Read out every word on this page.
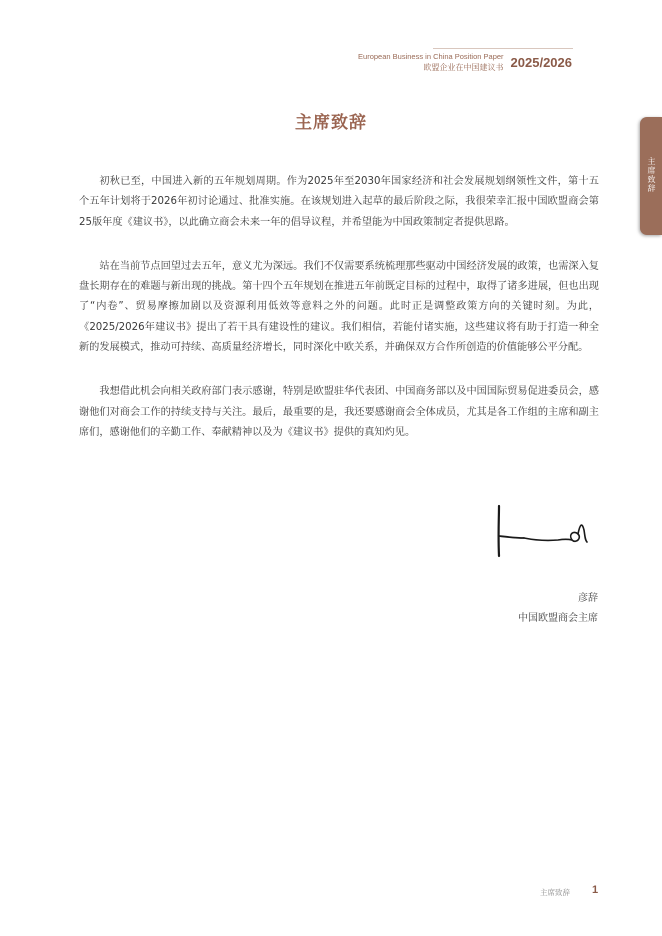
European Business in China Position Paper
欧盟企业在中国建议书 2025/2026
主席致辞
主席致辞

初秋已至，中国进入新的五年规划周期。作为2025年至2030年国家经济和社会发展规划纲领性文件，第十五个五年计划将于2026年初讨论通过、批准实施。在该规划进入起草的最后阶段之际，我很荣幸汇报中国欧盟商会第25版年度《建议书》，以此确立商会未来一年的倡导议程，并希望能为中国政策制定者提供思路。

站在当前节点回望过去五年，意义尤为深远。我们不仅需要系统梳理那些驱动中国经济发展的政策，也需深入复盘长期存在的难题与新出现的挑战。第十四个五年规划在推进五年前既定目标的过程中，取得了诸多进展，但也出现了“内卷”、贸易摩擦加剧以及资源利用低效等意料之外的问题。此时正是调整政策方向的关键时刻。为此，《2025/2026年建议书》提出了若干具有建设性的建议。我们相信，若能付诸实施，这些建议将有助于打造一种全新的发展模式，推动可持续、高质量经济增长，同时深化中欧关系，并确保双方合作所创造的价值能够公平分配。

我想借此机会向相关政府部门表示感谢，特别是欧盟驻华代表团、中国商务部以及中国国际贸易促进委员会，感谢他们对商会工作的持续支持与关注。最后，最重要的是，我还要感谢商会全体成员，尤其是各工作组的主席和副主席们，感谢他们的辛勤工作、奉献精神以及为《建议书》提供的真知灼见。

彦辞
中国欧盟商会主席
主席致辞 1
